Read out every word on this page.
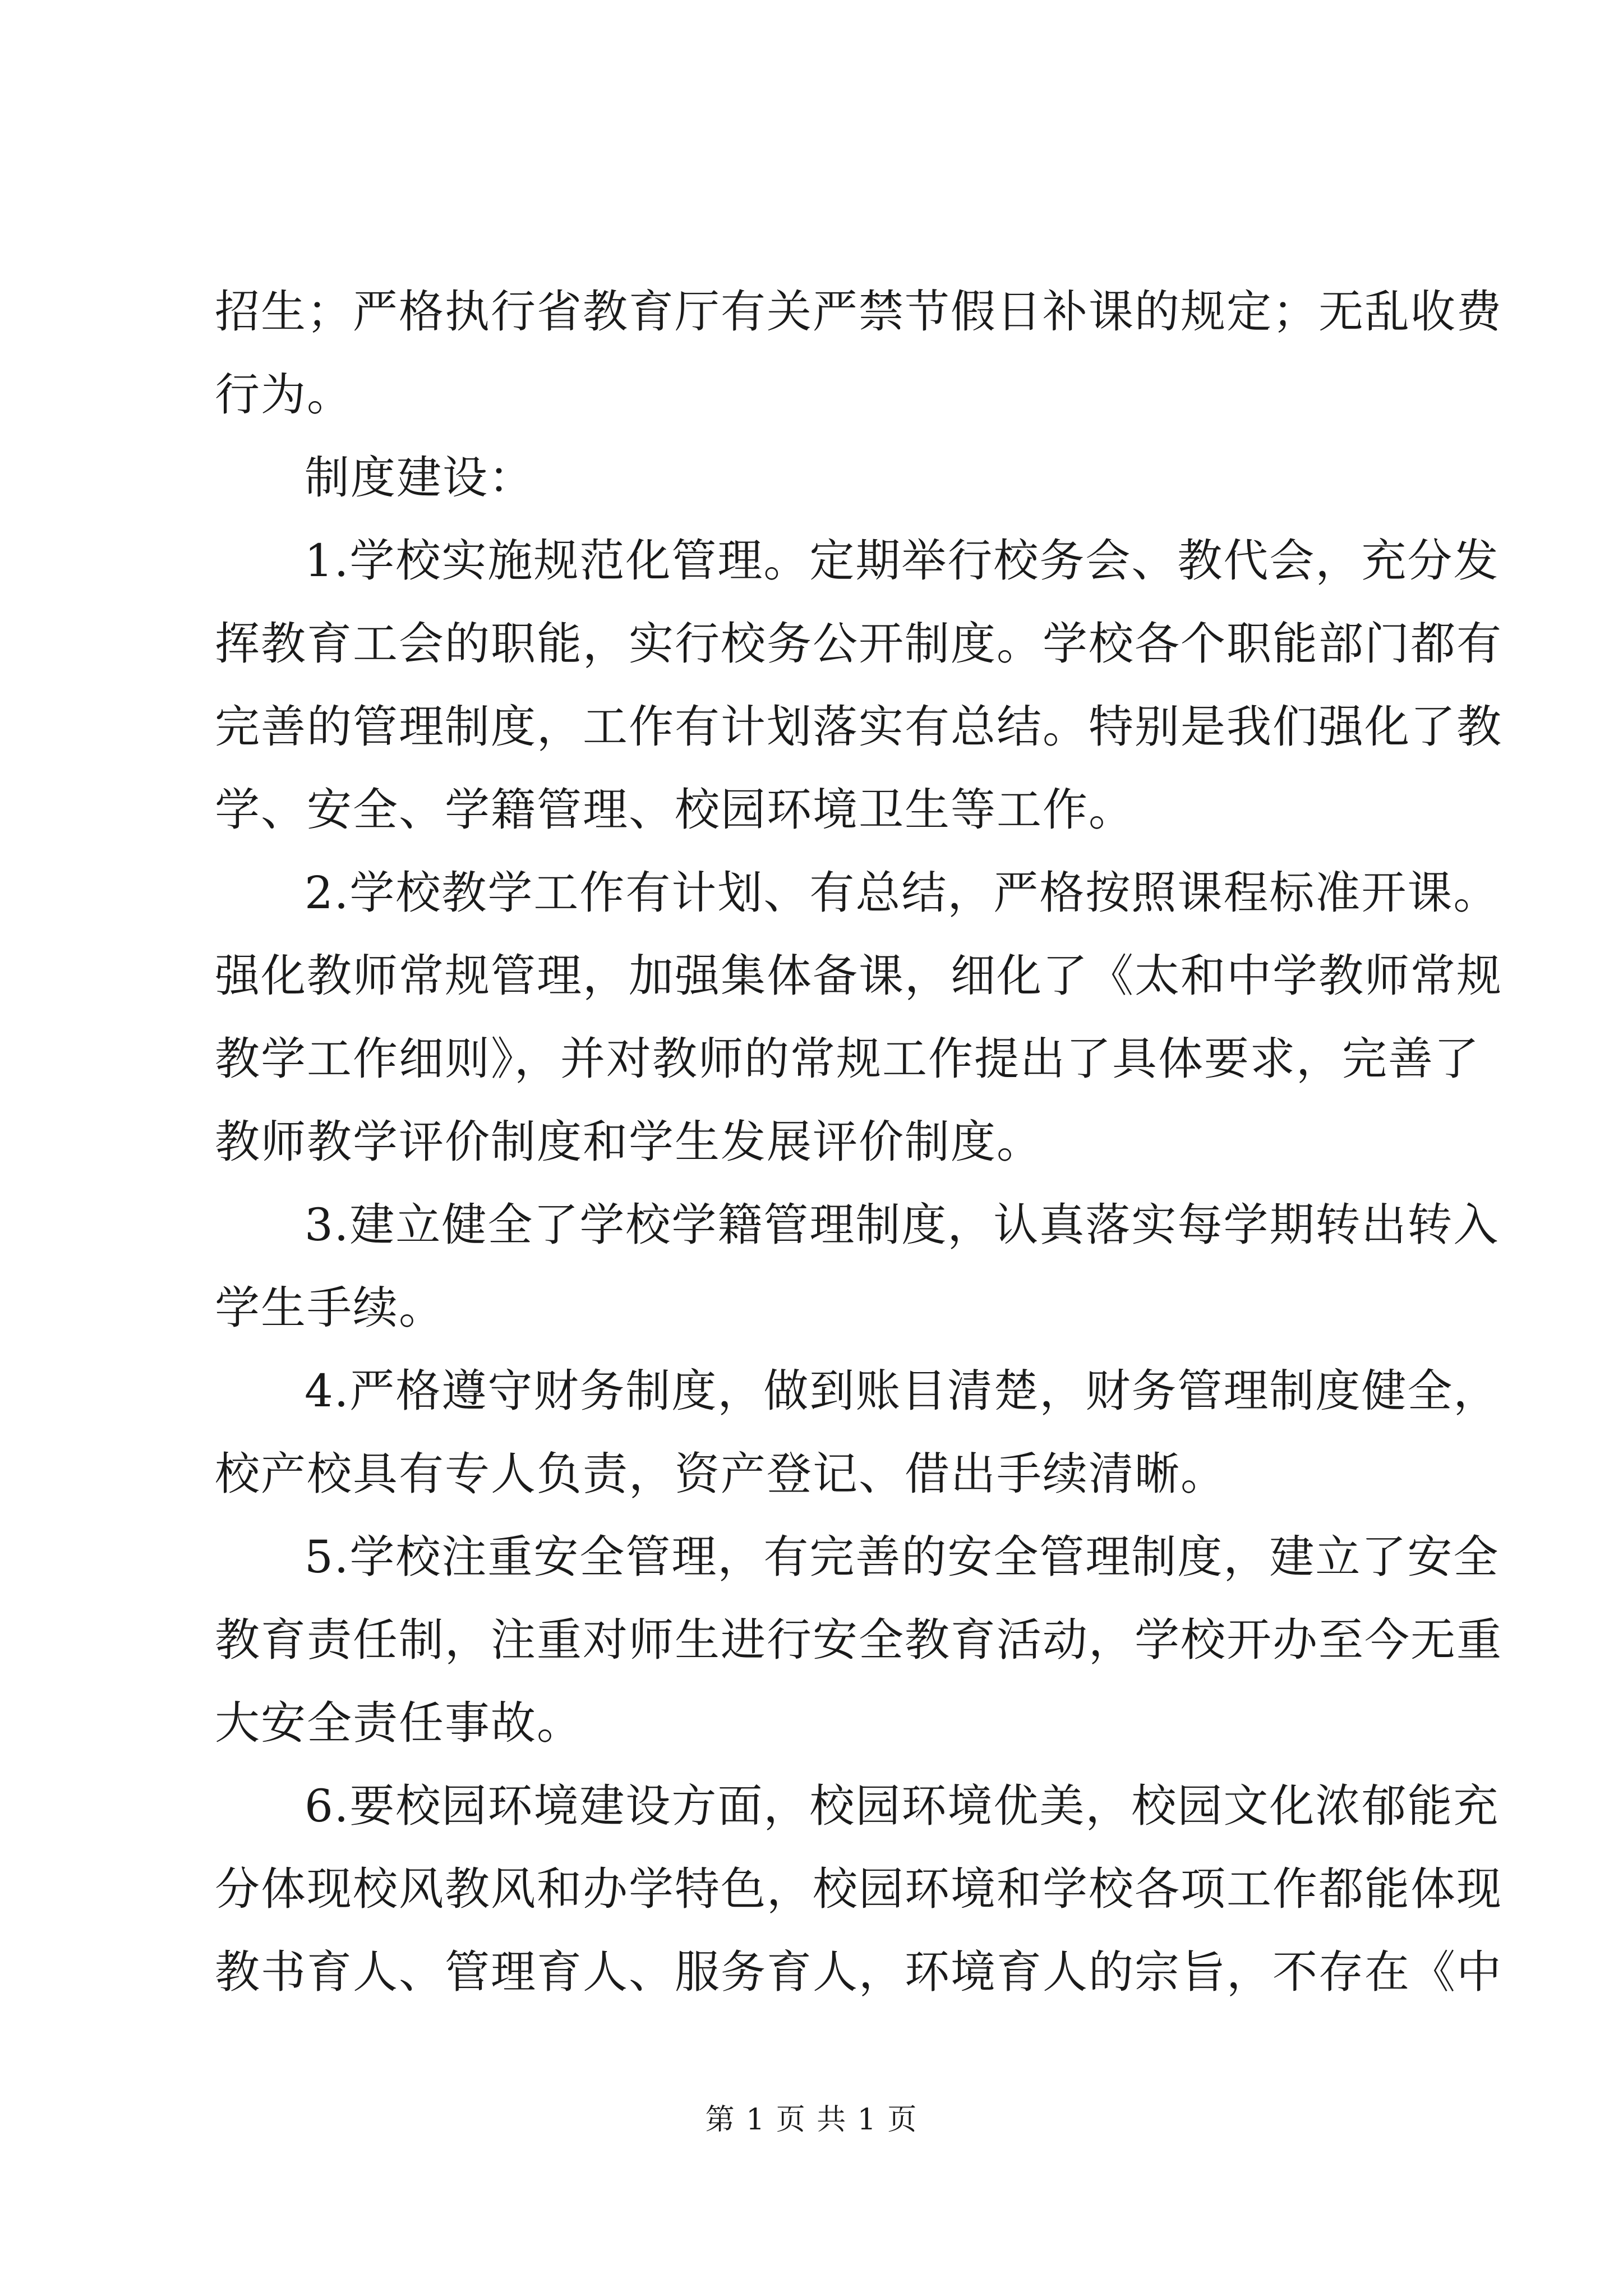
招生；严格执行省教育厅有关严禁节假日补课的规定；无乱收费
行为。
制度建设：
1.学校实施规范化管理。定期举行校务会、教代会，充分发
挥教育工会的职能，实行校务公开制度。学校各个职能部门都有
完善的管理制度，工作有计划落实有总结。特别是我们强化了教
学、安全、学籍管理、校园环境卫生等工作。
2.学校教学工作有计划、有总结，严格按照课程标准开课。
强化教师常规管理，加强集体备课，细化了《太和中学教师常规
教学工作细则》，并对教师的常规工作提出了具体要求，完善了
教师教学评价制度和学生发展评价制度。
3.建立健全了学校学籍管理制度，认真落实每学期转出转入
学生手续。
4.严格遵守财务制度，做到账目清楚，财务管理制度健全，
校产校具有专人负责，资产登记、借出手续清晰。
5.学校注重安全管理，有完善的安全管理制度，建立了安全
教育责任制，注重对师生进行安全教育活动，学校开办至今无重
大安全责任事故。
6.要校园环境建设方面，校园环境优美，校园文化浓郁能充
分体现校风教风和办学特色，校园环境和学校各项工作都能体现
教书育人、管理育人、服务育人，环境育人的宗旨，不存在《中
第 1 页 共 1 页
